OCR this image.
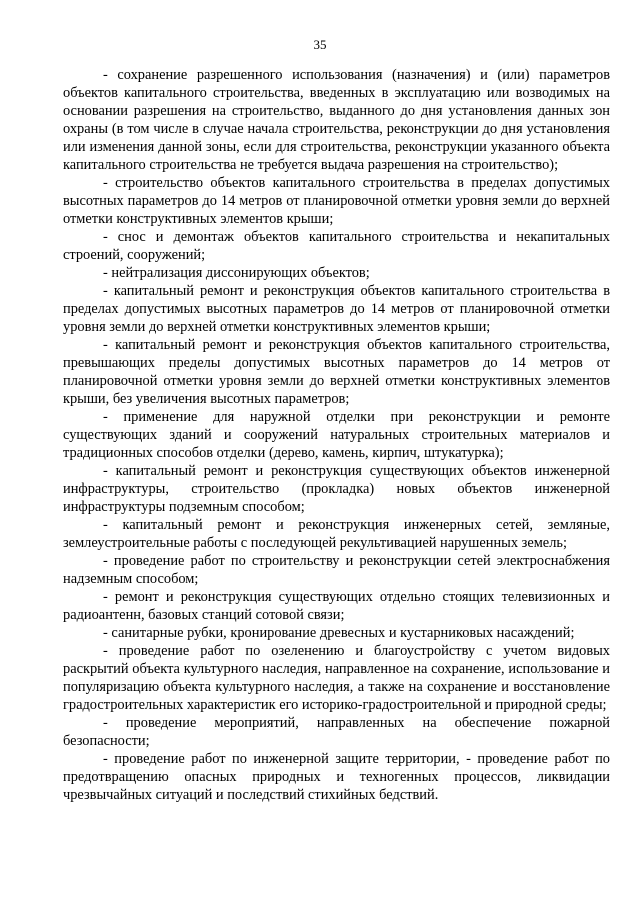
35

- сохранение разрешенного использования (назначения) и (или) параметров объектов капитального строительства, введенных в эксплуатацию или возводимых на основании разрешения на строительство, выданного до дня установления данных зон охраны (в том числе в случае начала строительства, реконструкции до дня установления или изменения данной зоны, если для строительства, реконструкции указанного объекта капитального строительства не требуется выдача разрешения на строительство);

- строительство объектов капитального строительства в пределах допустимых высотных параметров до 14 метров от планировочной отметки уровня земли до верхней отметки конструктивных элементов крыши;

- снос и демонтаж объектов капитального строительства и некапитальных строений, сооружений;

- нейтрализация диссонирующих объектов;

- капитальный ремонт и реконструкция объектов капитального строительства в пределах допустимых высотных параметров до 14 метров от планировочной отметки уровня земли до верхней отметки конструктивных элементов крыши;

- капитальный ремонт и реконструкция объектов капитального строительства, превышающих пределы допустимых высотных параметров до 14 метров от планировочной отметки уровня земли до верхней отметки конструктивных элементов крыши, без увеличения высотных параметров;

- применение для наружной отделки при реконструкции и ремонте существующих зданий и сооружений натуральных строительных материалов и традиционных способов отделки (дерево, камень, кирпич, штукатурка);

- капитальный ремонт и реконструкция существующих объектов инженерной инфраструктуры, строительство (прокладка) новых объектов инженерной инфраструктуры подземным способом;

- капитальный ремонт и реконструкция инженерных сетей, земляные, землеустроительные работы с последующей рекультивацией нарушенных земель;

- проведение работ по строительству и реконструкции сетей электроснабжения надземным способом;

- ремонт и реконструкция существующих отдельно стоящих телевизионных и радиоантенн, базовых станций сотовой связи;

- санитарные рубки, кронирование древесных и кустарниковых насаждений;

- проведение работ по озеленению и благоустройству с учетом видовых раскрытий объекта культурного наследия, направленное на сохранение, использование и популяризацию объекта культурного наследия, а также на сохранение и восстановление градостроительных характеристик его историко-градостроительной и природной среды;

- проведение мероприятий, направленных на обеспечение пожарной безопасности;

- проведение работ по инженерной защите территории, - проведение работ по предотвращению опасных природных и техногенных процессов, ликвидации чрезвычайных ситуаций и последствий стихийных бедствий.
